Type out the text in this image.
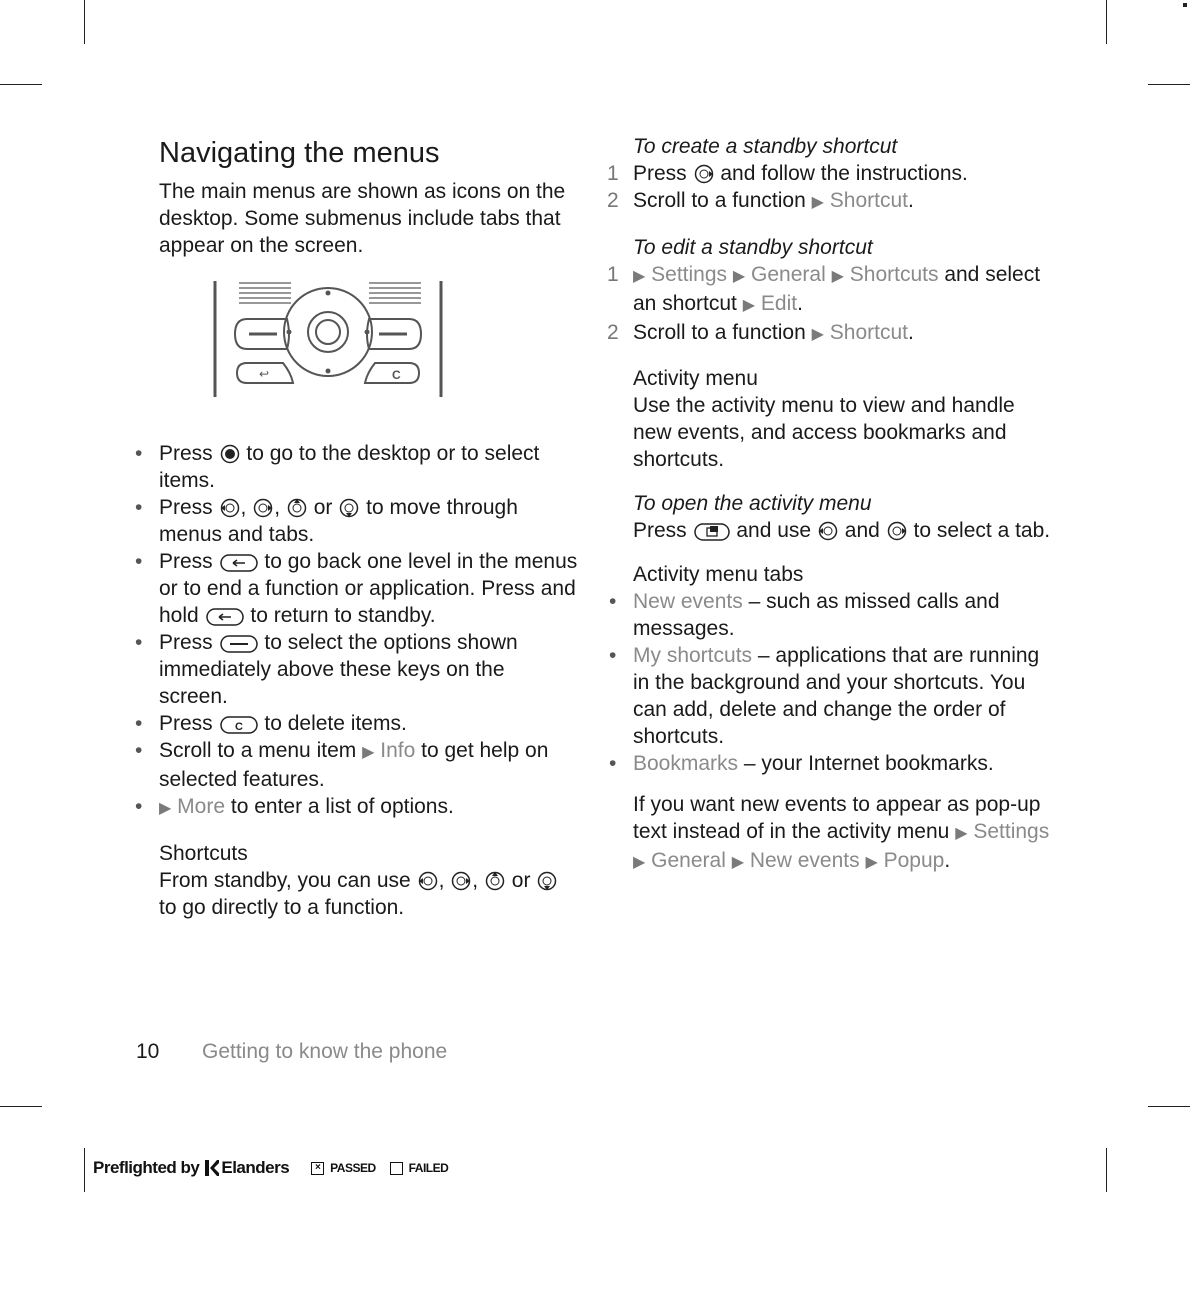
Navigating the menus

The main menus are shown as icons on the desktop. Some submenus include tabs that appear on the screen.

↩	C
• Press to go to the desktop or to select items.
• Press , , or to move through menus and tabs.
• Press to go back one level in the menus or to end a function or application. Press and hold to return to standby.
• Press to select the options shown immediately above these keys on the screen.
• Press C to delete items.
• Scroll to a menu item ▶ Info to get help on selected features.
• ▶ More to enter a list of options.
Shortcuts

From standby, you can use , ,  or  to go directly to a function.

To create a standby shortcut
1 Press and follow the instructions.
2 Scroll to a function ▶ Shortcut.
To edit a standby shortcut
1 ▶ Settings ▶ General ▶ Shortcuts and select an shortcut ▶ Edit.
2 Scroll to a function ▶ Shortcut.
Activity menu

Use the activity menu to view and handle new events, and access bookmarks and shortcuts.

To open the activity menu

Press and use and to select a tab.

Activity menu tabs
• New events – such as missed calls and messages.
• My shortcuts – applications that are running in the background and your shortcuts. You can add, delete and change the order of shortcuts.
• Bookmarks – your Internet bookmarks.

If you want new events to appear as pop-up text instead of in the activity menu ▶ Settings ▶ General ▶ New events ▶ Popup.

10 Getting to know the phone
Preflighted by Elanders	× PASSED	FAILED
